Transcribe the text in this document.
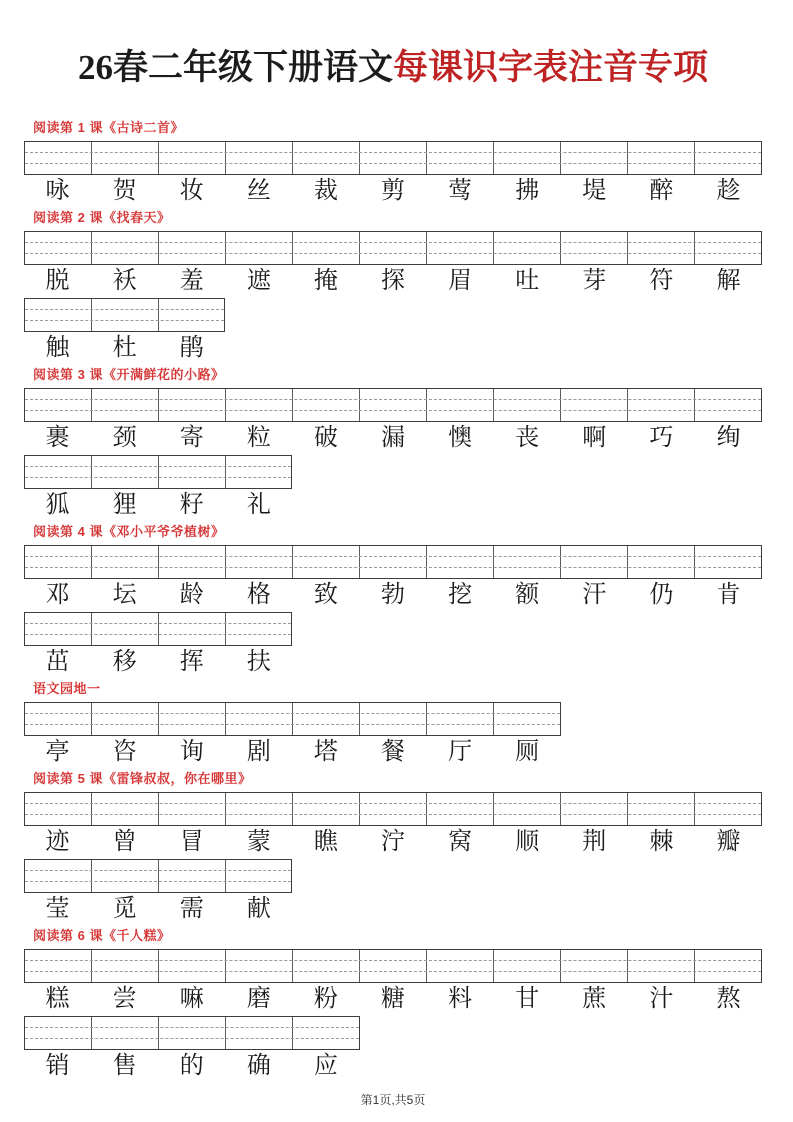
26春二年级下册语文每课识字表注音专项
阅读第 1 课《古诗二首》
咏	贺	妆	丝	裁	剪	莺	拂	堤	醉	趁
阅读第 2 课《找春天》
脱	袄	羞	遮	掩	探	眉	吐	芽	符	解
触	杜	鹃
阅读第 3 课《开满鲜花的小路》
裹	颈	寄	粒	破	漏	懊	丧	啊	巧	绚
狐	狸	籽	礼
阅读第 4 课《邓小平爷爷植树》
邓	坛	龄	格	致	勃	挖	额	汗	仍	肯
茁	移	挥	扶
语文园地一
亭	咨	询	剧	塔	餐	厅	厕
阅读第 5 课《雷锋叔叔，你在哪里》
迹	曾	冒	蒙	瞧	泞	窝	顺	荆	棘	瓣
莹	觅	需	献
阅读第 6 课《千人糕》
糕	尝	嘛	磨	粉	糖	料	甘	蔗	汁	熬
销	售	的	确	应
第1页,共5页
